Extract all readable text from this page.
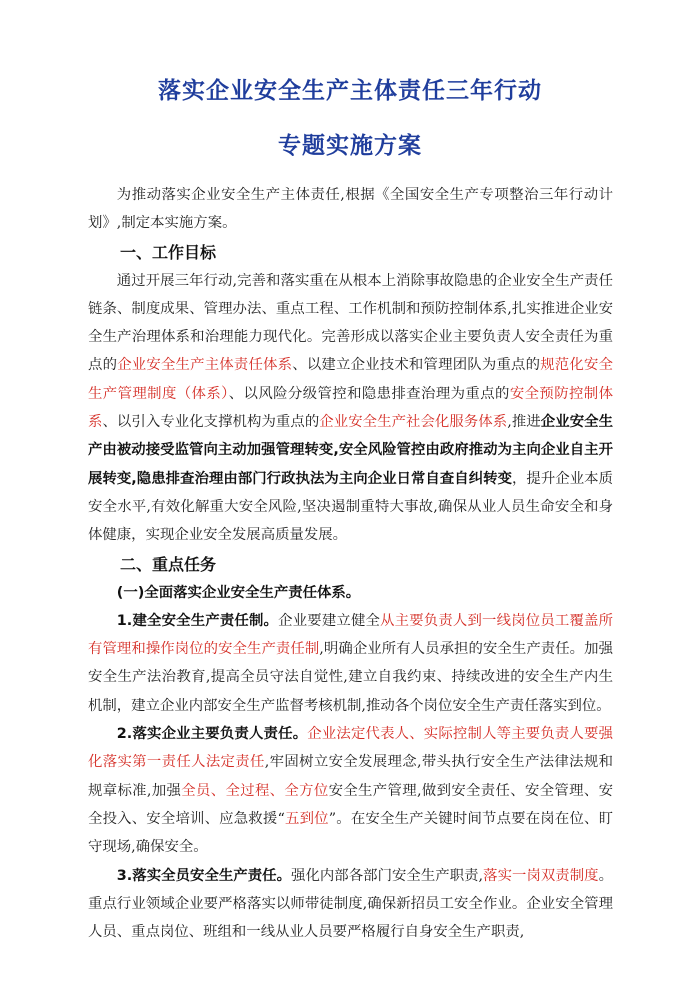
落实企业安全生产主体责任三年行动
专题实施方案

为推动落实企业安全生产主体责任,根据《全国安全生产专项整治三年行动计划》,制定本实施方案。

一、工作目标

通过开展三年行动,完善和落实重在从根本上消除事故隐患的企业安全生产责任链条、制度成果、管理办法、重点工程、工作机制和预防控制体系,扎实推进企业安全生产治理体系和治理能力现代化。完善形成以落实企业主要负责人安全责任为重点的企业安全生产主体责任体系、以建立企业技术和管理团队为重点的规范化安全生产管理制度（体系）、以风险分级管控和隐患排查治理为重点的安全预防控制体系、以引入专业化支撑机构为重点的企业安全生产社会化服务体系,推进企业安全生产由被动接受监管向主动加强管理转变,安全风险管控由政府推动为主向企业自主开展转变,隐患排查治理由部门行政执法为主向企业日常自查自纠转变，提升企业本质安全水平,有效化解重大安全风险,坚决遏制重特大事故,确保从业人员生命安全和身体健康，实现企业安全发展高质量发展。

二、重点任务
(一)全面落实企业安全生产责任体系。

1.建全安全生产责任制。企业要建立健全从主要负责人到一线岗位员工覆盖所有管理和操作岗位的安全生产责任制,明确企业所有人员承担的安全生产责任。加强安全生产法治教育,提高全员守法自觉性,建立自我约束、持续改进的安全生产内生机制，建立企业内部安全生产监督考核机制,推动各个岗位安全生产责任落实到位。

2.落实企业主要负责人责任。企业法定代表人、实际控制人等主要负责人要强化落实第一责任人法定责任,牢固树立安全发展理念,带头执行安全生产法律法规和规章标准,加强全员、全过程、全方位安全生产管理,做到安全责任、安全管理、安全投入、安全培训、应急救援“五到位”。在安全生产关键时间节点要在岗在位、盯守现场,确保安全。

3.落实全员安全生产责任。强化内部各部门安全生产职责,落实一岗双责制度。重点行业领域企业要严格落实以师带徒制度,确保新招员工安全作业。企业安全管理人员、重点岗位、班组和一线从业人员要严格履行自身安全生产职责,
